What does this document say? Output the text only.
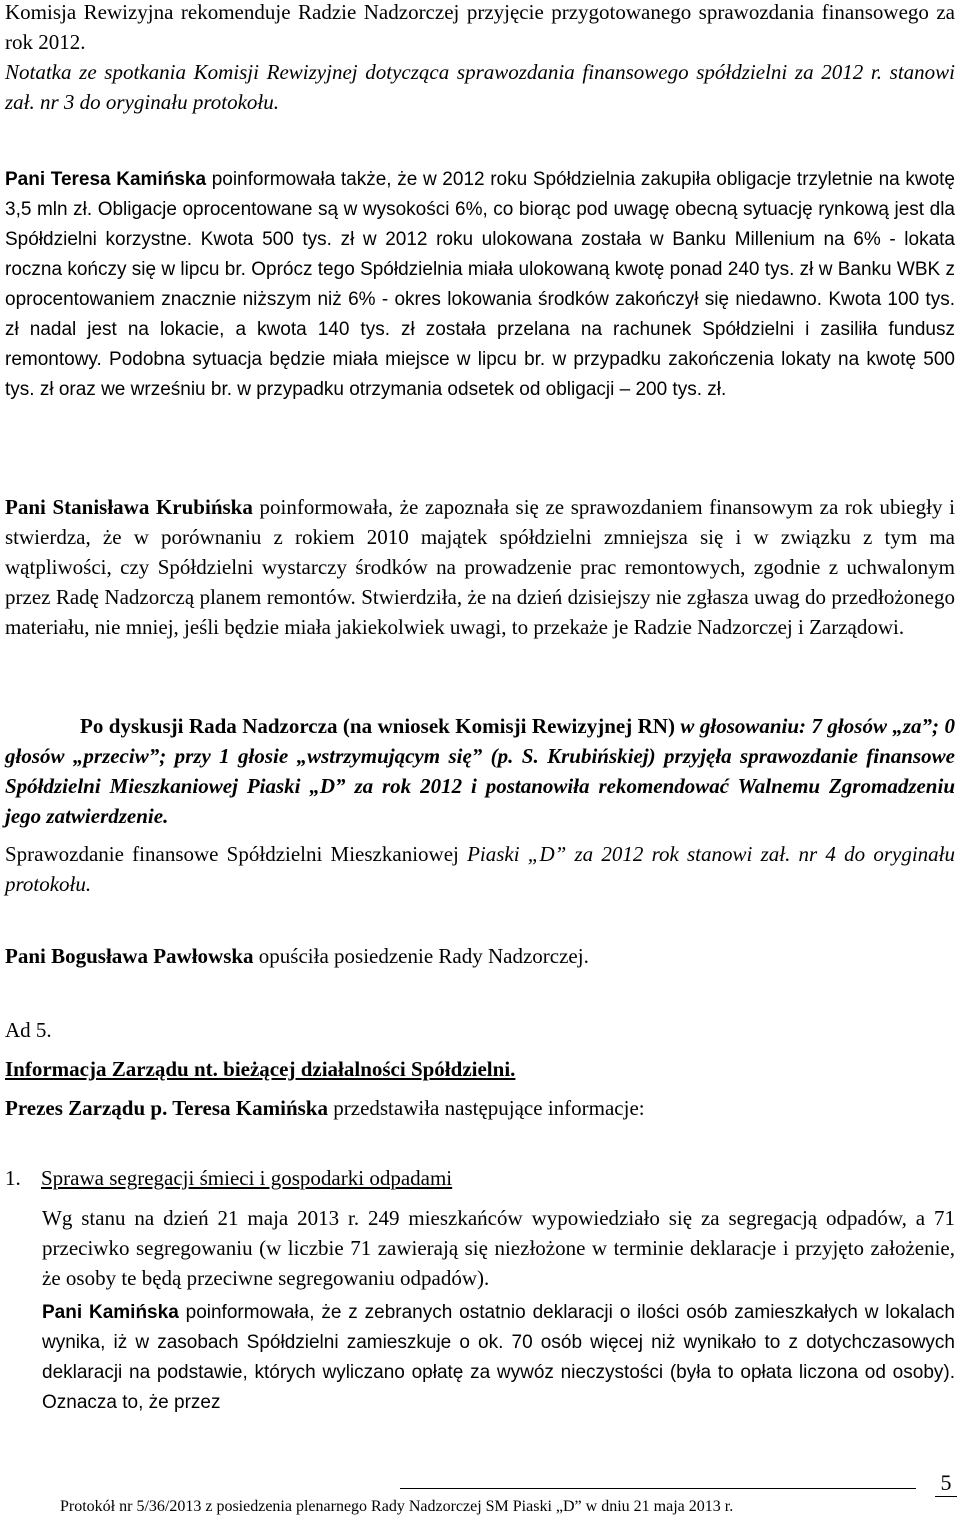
Komisja Rewizyjna rekomenduje Radzie Nadzorczej przyjęcie przygotowanego sprawozdania finansowego za rok 2012.

Notatka ze spotkania Komisji Rewizyjnej dotycząca sprawozdania finansowego spółdzielni za 2012 r. stanowi zał. nr 3 do oryginału protokołu.

Pani Teresa Kamińska poinformowała także, że w 2012 roku Spółdzielnia zakupiła obligacje trzyletnie na kwotę 3,5 mln zł. Obligacje oprocentowane są w wysokości 6%, co biorąc pod uwagę obecną sytuację rynkową jest dla Spółdzielni korzystne. Kwota 500 tys. zł w 2012 roku ulokowana została w Banku Millenium na 6% - lokata roczna kończy się w lipcu br. Oprócz tego Spółdzielnia miała ulokowaną kwotę ponad 240 tys. zł w Banku WBK z oprocentowaniem znacznie niższym niż 6% - okres lokowania środków zakończył się niedawno. Kwota 100 tys. zł nadal jest na lokacie, a kwota 140 tys. zł została przelana na rachunek Spółdzielni i zasiliła fundusz remontowy. Podobna sytuacja będzie miała miejsce w lipcu br. w przypadku zakończenia lokaty na kwotę 500 tys. zł oraz we wrześniu br. w przypadku otrzymania odsetek od obligacji – 200 tys. zł.

Pani Stanisława Krubińska poinformowała, że zapoznała się ze sprawozdaniem finansowym za rok ubiegły i stwierdza, że w porównaniu z rokiem 2010 majątek spółdzielni zmniejsza się i w związku z tym ma wątpliwości, czy Spółdzielni wystarczy środków na prowadzenie prac remontowych, zgodnie z uchwalonym przez Radę Nadzorczą planem remontów. Stwierdziła, że na dzień dzisiejszy nie zgłasza uwag do przedłożonego materiału, nie mniej, jeśli będzie miała jakiekolwiek uwagi, to przekaże je Radzie Nadzorczej i Zarządowi.

Po dyskusji Rada Nadzorcza (na wniosek Komisji Rewizyjnej RN) w głosowaniu: 7 głosów „za”; 0 głosów „przeciw”; przy 1 głosie „wstrzymującym się” (p. S. Krubińskiej) przyjęła sprawozdanie finansowe Spółdzielni Mieszkaniowej Piaski „D” za rok 2012 i postanowiła rekomendować Walnemu Zgromadzeniu jego zatwierdzenie.

Sprawozdanie finansowe Spółdzielni Mieszkaniowej Piaski „D” za 2012 rok stanowi zał. nr 4 do oryginału protokołu.

Pani Bogusława Pawłowska opuściła posiedzenie Rady Nadzorczej.

Ad 5.

Informacja Zarządu nt. bieżącej działalności Spółdzielni.

Prezes Zarządu p. Teresa Kamińska przedstawiła następujące informacje:

1. Sprawa segregacji śmieci i gospodarki odpadami

Wg stanu na dzień 21 maja 2013 r. 249 mieszkańców wypowiedziało się za segregacją odpadów, a 71 przeciwko segregowaniu (w liczbie 71 zawierają się niezłożone w terminie deklaracje i przyjęto założenie, że osoby te będą przeciwne segregowaniu odpadów).

Pani Kamińska poinformowała, że z zebranych ostatnio deklaracji o ilości osób zamieszkałych w lokalach wynika, iż w zasobach Spółdzielni zamieszkuje o ok. 70 osób więcej niż wynikało to z dotychczasowych deklaracji na podstawie, których wyliczano opłatę za wywóz nieczystości (była to opłata liczona od osoby). Oznacza to, że przez

Protokół nr 5/36/2013 z posiedzenia plenarnego Rady Nadzorczej SM Piaski „D” w dniu 21 maja 2013 r.
5
